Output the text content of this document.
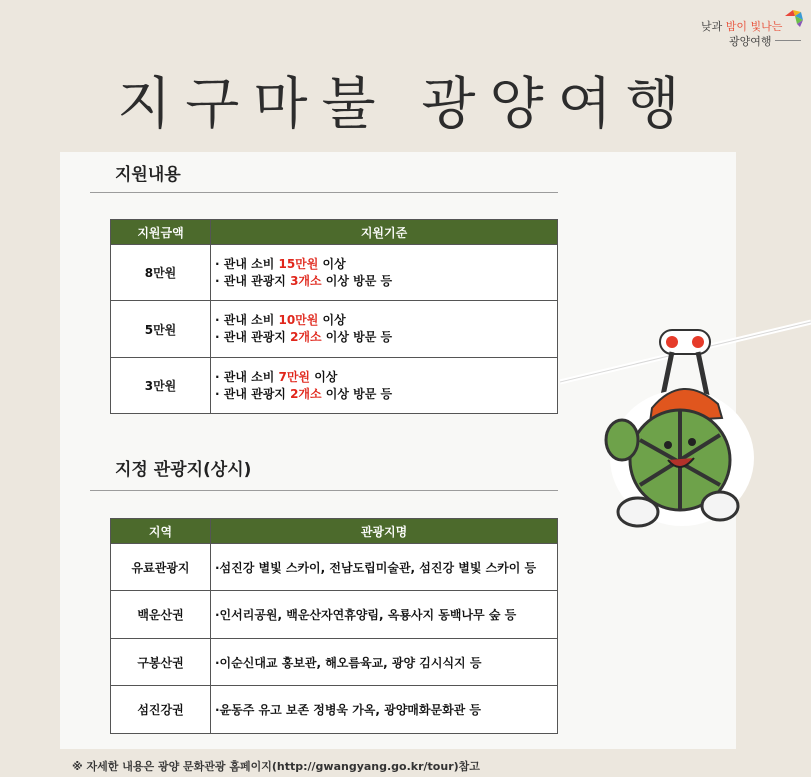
낮과 밤이 빛나는
광양여행
지구마불 광양여행
지원내용
지원금액	지원기준
8만원	· 관내 소비 15만원 이상
· 관내 관광지 3개소 이상 방문 등

5만원	· 관내 소비 10만원 이상
· 관내 관광지 2개소 이상 방문 등

3만원	· 관내 소비 7만원 이상
· 관내 관광지 2개소 이상 방문 등
지정 관광지(상시)
지역	관광지명
유료관광지	·섬진강 별빛 스카이, 전남도립미술관, 섬진강 별빛 스카이 등
백운산권	·인서리공원, 백운산자연휴양림, 옥룡사지 동백나무 숲 등
구봉산권	·이순신대교 홍보관, 해오름육교, 광양 김시식지 등
섬진강권	·윤동주 유고 보존 정병욱 가옥, 광양매화문화관 등
※ 자세한 내용은 광양 문화관광 홈페이지(http://gwangyang.go.kr/tour)참고
